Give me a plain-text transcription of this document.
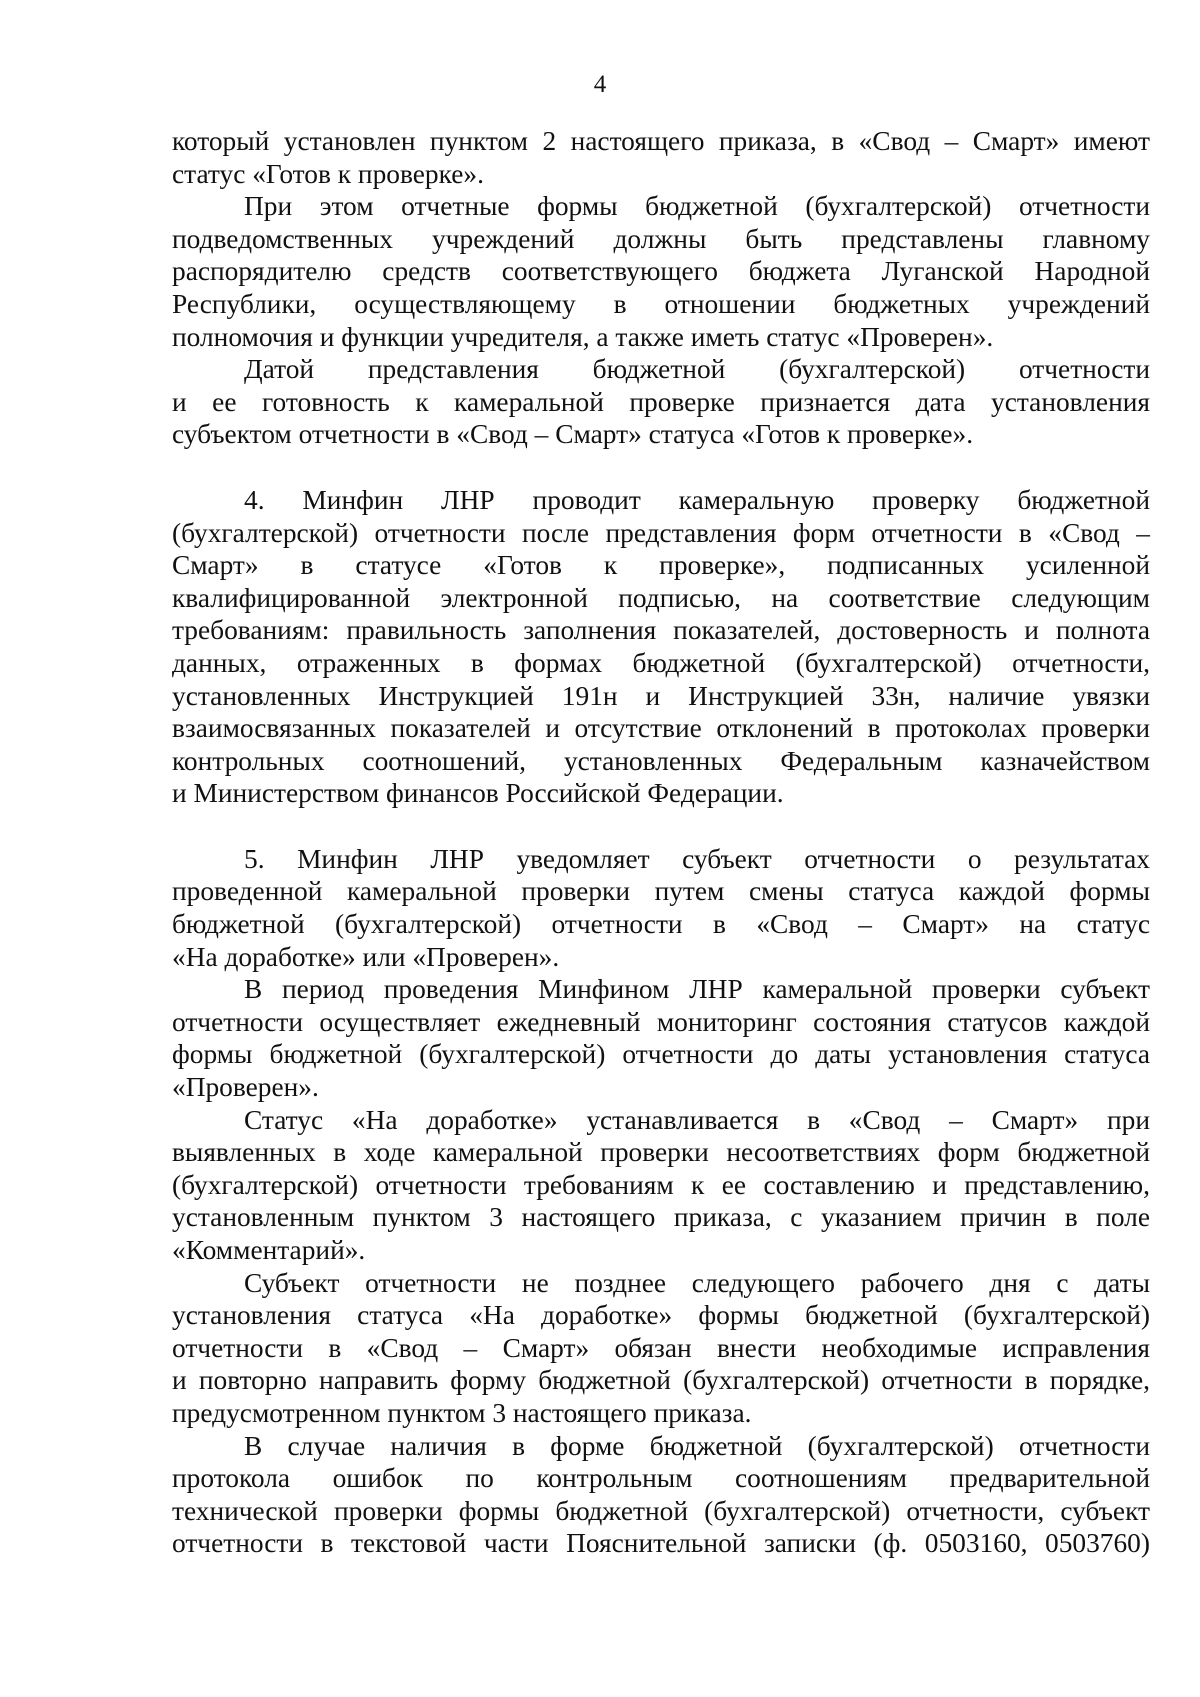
4

который установлен пунктом 2 настоящего приказа, в «Свод – Смарт» имеют

статус «Готов к проверке».

При этом отчетные формы бюджетной (бухгалтерской) отчетности

подведомственных учреждений должны быть представлены главному

распорядителю средств соответствующего бюджета Луганской Народной

Республики, осуществляющему в отношении бюджетных учреждений

полномочия и функции учредителя, а также иметь статус «Проверен».

Датой представления бюджетной (бухгалтерской) отчетности

и ее готовность к камеральной проверке признается дата установления

субъектом отчетности в «Свод – Смарт» статуса «Готов к проверке».

4. Минфин ЛНР проводит камеральную проверку бюджетной

(бухгалтерской) отчетности после представления форм отчетности в «Свод –

Смарт» в статусе «Готов к проверке», подписанных усиленной

квалифицированной электронной подписью, на соответствие следующим

требованиям: правильность заполнения показателей, достоверность и полнота

данных, отраженных в формах бюджетной (бухгалтерской) отчетности,

установленных Инструкцией 191н и Инструкцией 33н, наличие увязки

взаимосвязанных показателей и отсутствие отклонений в протоколах проверки

контрольных соотношений, установленных Федеральным казначейством

и Министерством финансов Российской Федерации.

5. Минфин ЛНР уведомляет субъект отчетности о результатах

проведенной камеральной проверки путем смены статуса каждой формы

бюджетной (бухгалтерской) отчетности в «Свод – Смарт» на статус

«На доработке» или «Проверен».

В период проведения Минфином ЛНР камеральной проверки субъект

отчетности осуществляет ежедневный мониторинг состояния статусов каждой

формы бюджетной (бухгалтерской) отчетности до даты установления статуса

«Проверен».

Статус «На доработке» устанавливается в «Свод – Смарт» при

выявленных в ходе камеральной проверки несоответствиях форм бюджетной

(бухгалтерской) отчетности требованиям к ее составлению и представлению,

установленным пунктом 3 настоящего приказа, с указанием причин в поле

«Комментарий».

Субъект отчетности не позднее следующего рабочего дня с даты

установления статуса «На доработке» формы бюджетной (бухгалтерской)

отчетности в «Свод – Смарт» обязан внести необходимые исправления

и повторно направить форму бюджетной (бухгалтерской) отчетности в порядке,

предусмотренном пунктом 3 настоящего приказа.

В случае наличия в форме бюджетной (бухгалтерской) отчетности

протокола ошибок по контрольным соотношениям предварительной

технической проверки формы бюджетной (бухгалтерской) отчетности, субъект

отчетности в текстовой части Пояснительной записки (ф. 0503160, 0503760)
